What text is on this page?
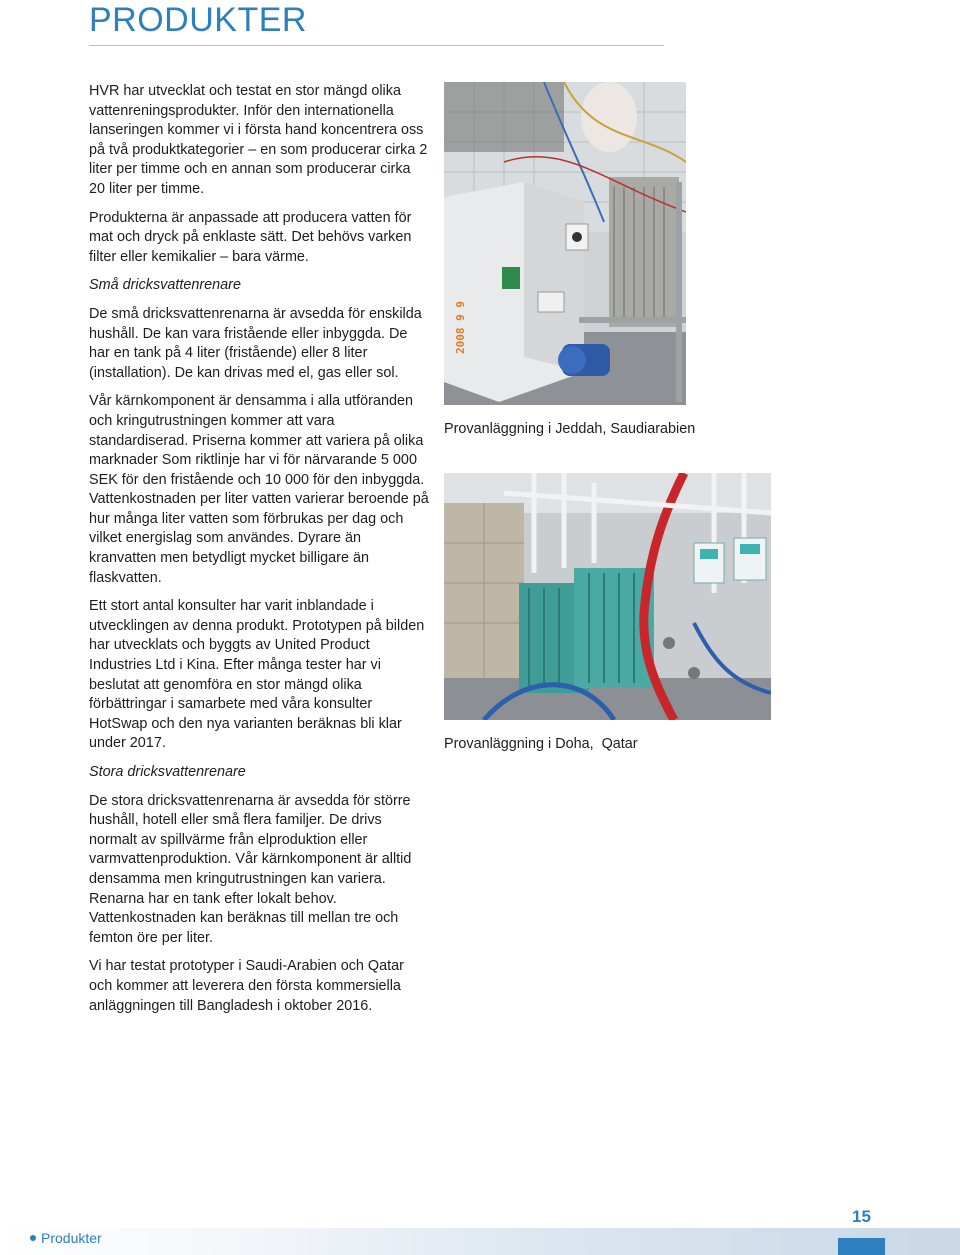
PRODUKTER

HVR har utvecklat och testat en stor mängd olika vattenreningsprodukter. Inför den internationella lanseringen kommer vi i första hand koncentrera oss på två produktkategorier – en som producerar cirka 2 liter per timme och en annan som producerar cirka 20 liter per timme.

Produkterna är anpassade att producera vatten för mat och dryck på enklaste sätt. Det behövs varken filter eller kemikalier – bara värme.

Små dricksvattenrenare

De små dricksvattenrenarna är avsedda för enskilda hushåll. De kan vara fristående eller inbyggda. De har en tank på 4 liter (fristående) eller 8 liter (installation). De kan drivas med el, gas eller sol.

Vår kärnkomponent är densamma i alla utföranden och kringutrustningen kommer att vara standardiserad. Priserna kommer att variera på olika marknader Som riktlinje har vi för närvarande 5 000 SEK för den fristående och 10 000 för den inbyggda. Vattenkostnaden per liter vatten varierar beroende på hur många liter vatten som förbrukas per dag och vilket energislag som användes. Dyrare än kranvatten men betydligt mycket billigare än flaskvatten.

Ett stort antal konsulter har varit inblandade i utvecklingen av denna produkt. Prototypen på bilden har utvecklats och byggts av United Product Industries Ltd i Kina. Efter många tester har vi beslutat att genomföra en stor mängd olika förbättringar i samarbete med våra konsulter HotSwap och den nya varianten beräknas bli klar under 2017.

Stora dricksvattenrenare

De stora dricksvattenrenarna är avsedda för större hushåll, hotell eller små flera familjer. De drivs normalt av spillvärme från elproduktion eller varmvattenproduktion. Vår kärnkomponent är alltid densamma men kringutrustningen kan variera. Renarna har en tank efter lokalt behov. Vattenkostnaden kan beräknas till mellan tre och femton öre per liter.

Vi har testat prototyper i Saudi-Arabien och Qatar och kommer att leverera den första kommersiella anläggningen till Bangladesh i oktober 2016.

2008 9 9
Provanläggning i Jeddah, Saudiarabien
Provanläggning i Doha,  Qatar
Produkter
15
